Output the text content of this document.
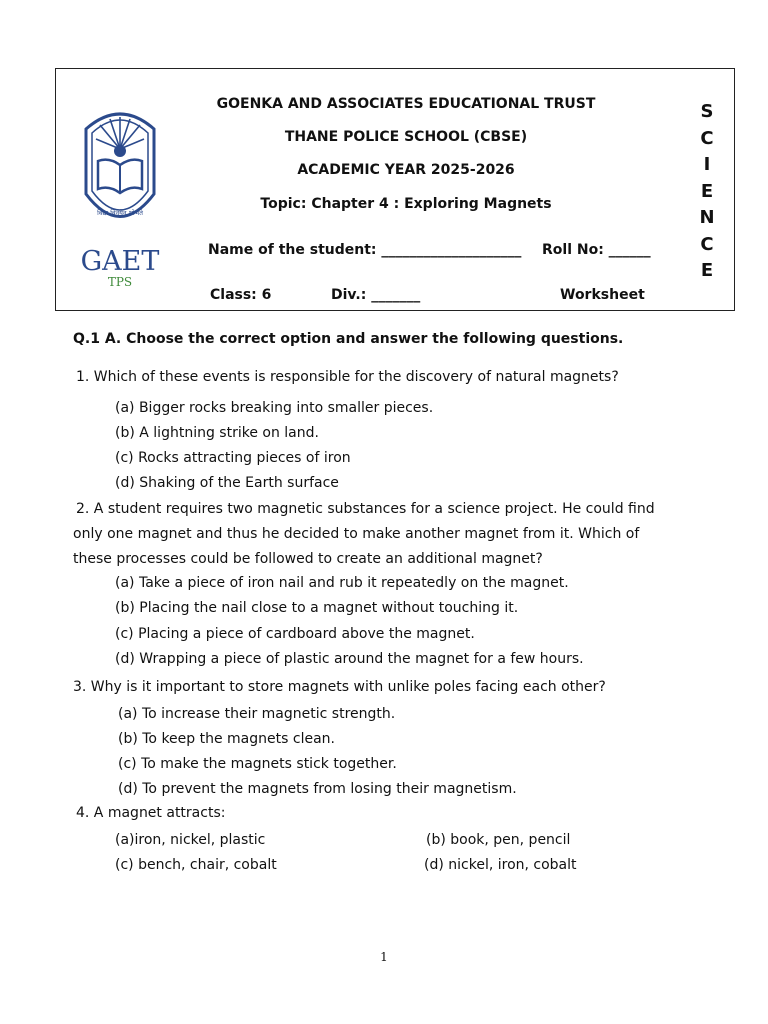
विद्या विनयेन शोभते
GAET
TPS
GOENKA AND ASSOCIATES EDUCATIONAL TRUST
THANE POLICE SCHOOL (CBSE)
ACADEMIC YEAR 2025-2026
Topic: Chapter 4 : Exploring Magnets
Name of the student: ____________________ Roll No: ______
Class: 6	Div.: _______	Worksheet
S
C
I
E
N
C
E
Q.1 A. Choose the correct option and answer the following questions.
1. Which of these events is responsible for the discovery of natural magnets?
(a) Bigger rocks breaking into smaller pieces.
(b) A lightning strike on land.
(c) Rocks attracting pieces of iron
(d) Shaking of the Earth surface
2. A student requires two magnetic substances for a science project. He could find
only one magnet and thus he decided to make another magnet from it. Which of
these processes could be followed to create an additional magnet?
(a) Take a piece of iron nail and rub it repeatedly on the magnet.
(b) Placing the nail close to a magnet without touching it.
(c) Placing a piece of cardboard above the magnet.
(d) Wrapping a piece of plastic around the magnet for a few hours.
3. Why is it important to store magnets with unlike poles facing each other?
(a) To increase their magnetic strength.
(b) To keep the magnets clean.
(c) To make the magnets stick together.
(d) To prevent the magnets from losing their magnetism.
4. A magnet attracts:
(a)iron, nickel, plastic	(b) book, pen, pencil
(c) bench, chair, cobalt	(d) nickel, iron, cobalt
1
